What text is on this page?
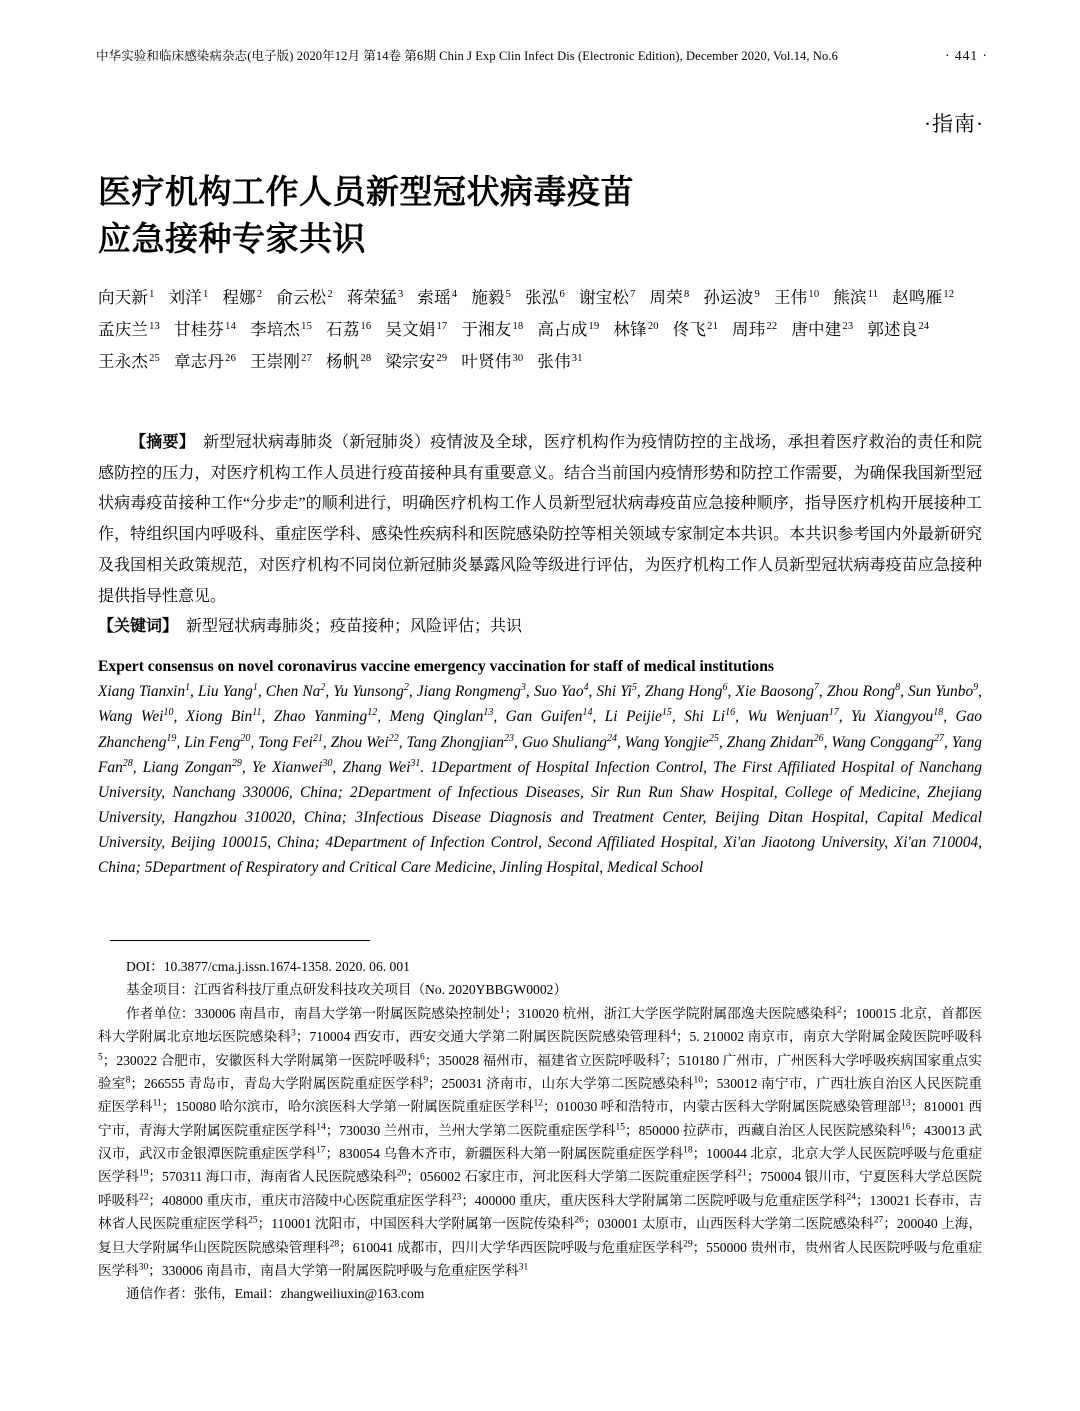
中华实验和临床感染病杂志(电子版) 2020年12月 第14卷 第6期 Chin J Exp Clin Infect Dis (Electronic Edition), December 2020, Vol.14, No.6	· 441 ·
·指南·
医疗机构工作人员新型冠状病毒疫苗
应急接种专家共识
向天新$^1$ 刘洋$^1$ 程娜$^2$ 俞云松$^2$ 蒋荣猛$^3$ 索瑶$^4$ 施毅$^5$ 张泓$^6$ 谢宝松$^7$ 周荣$^8$ 孙运波$^9$ 王伟$^{10}$ 熊滨$^{11}$ 赵鸣雁$^{12}$孟庆兰$^{13}$ 甘桂芬$^{14}$ 李培杰$^{15}$ 石荔$^{16}$ 吴文娟$^{17}$ 于湘友$^{18}$ 高占成$^{19}$ 林锋$^{20}$ 佟飞$^{21}$ 周玮$^{22}$ 唐中建$^{23}$ 郭述良$^{24}$王永杰$^{25}$ 章志丹$^{26}$ 王崇刚$^{27}$ 杨帆$^{28}$ 梁宗安$^{29}$ 叶贤伟$^{30}$ 张伟$^{31}$

【摘要】　新型冠状病毒肺炎（新冠肺炎）疫情波及全球，医疗机构作为疫情防控的主战场，承担着医疗救治的责任和院感防控的压力，对医疗机构工作人员进行疫苗接种具有重要意义。结合当前国内疫情形势和防控工作需要，为确保我国新型冠状病毒疫苗接种工作“分步走”的顺利进行，明确医疗机构工作人员新型冠状病毒疫苗应急接种顺序，指导医疗机构开展接种工作，特组织国内呼吸科、重症医学科、感染性疾病科和医院感染防控等相关领域专家制定本共识。本共识参考国内外最新研究及我国相关政策规范，对医疗机构不同岗位新冠肺炎暴露风险等级进行评估，为医疗机构工作人员新型冠状病毒疫苗应急接种提供指导性意见。

【关键词】　新型冠状病毒肺炎；疫苗接种；风险评估；共识

Expert consensus on novel coronavirus vaccine emergency vaccination for staff of medical institutions
Xiang Tianxin$^1$, Liu Yang$^1$, Chen Na$^2$, Yu Yunsong$^2$, Jiang Rongmeng$^3$, Suo Yao$^4$, Shi Yi$^5$, Zhang Hong$^6$, Xie Baosong$^7$, Zhou Rong$^8$, Sun Yunbo$^9$, Wang Wei$^{10}$, Xiong Bin$^{11}$, Zhao Yanming$^{12}$, Meng Qinglan$^{13}$, Gan Guifen$^{14}$, Li Peijie$^{15}$, Shi Li$^{16}$, Wu Wenjuan$^{17}$, Yu Xiangyou$^{18}$, Gao Zhancheng$^{19}$, Lin Feng$^{20}$, Tong Fei$^{21}$, Zhou Wei$^{22}$, Tang Zhongjian$^{23}$, Guo Shuliang$^{24}$, Wang Yongjie$^{25}$, Zhang Zhidan$^{26}$, Wang Conggang$^{27}$, Yang Fan$^{28}$, Liang Zongan$^{29}$, Ye Xianwei$^{30}$, Zhang Wei$^{31}$. 1Department of Hospital Infection Control, The First Affiliated Hospital of Nanchang University, Nanchang 330006, China; 2Department of Infectious Diseases, Sir Run Run Shaw Hospital, College of Medicine, Zhejiang University, Hangzhou 310020, China; 3Infectious Disease Diagnosis and Treatment Center, Beijing Ditan Hospital, Capital Medical University, Beijing 100015, China; 4Department of Infection Control, Second Affiliated Hospital, Xi'an Jiaotong University, Xi'an 710004, China; 5Department of Respiratory and Critical Care Medicine, Jinling Hospital, Medical School

DOI：10.3877/cma.j.issn.1674-1358. 2020. 06. 001

基金项目：江西省科技厅重点研发科技攻关项目（No. 2020YBBGW0002）

作者单位：330006 南昌市，南昌大学第一附属医院感染控制处$^1$；310020 杭州，浙江大学医学院附属邵逸夫医院感染科$^2$；100015 北京，首都医科大学附属北京地坛医院感染科$^3$；710004 西安市，西安交通大学第二附属医院医院感染管理科$^4$；5. 210002 南京市，南京大学附属金陵医院呼吸科$^5$；230022 合肥市，安徽医科大学附属第一医院呼吸科$^6$；350028 福州市，福建省立医院呼吸科$^7$；510180 广州市，广州医科大学呼吸疾病国家重点实验室$^8$；266555 青岛市，青岛大学附属医院重症医学科$^9$；250031 济南市，山东大学第二医院感染科$^{10}$；530012 南宁市，广西壮族自治区人民医院重症医学科$^{11}$；150080 哈尔滨市，哈尔滨医科大学第一附属医院重症医学科$^{12}$；010030 呼和浩特市，内蒙古医科大学附属医院感染管理部$^{13}$；810001 西宁市，青海大学附属医院重症医学科$^{14}$；730030 兰州市，兰州大学第二医院重症医学科$^{15}$；850000 拉萨市，西藏自治区人民医院感染科$^{16}$；430013 武汉市，武汉市金银潭医院重症医学科$^{17}$；830054 乌鲁木齐市，新疆医科大第一附属医院重症医学科$^{18}$；100044 北京，北京大学人民医院呼吸与危重症医学科$^{19}$；570311 海口市，海南省人民医院感染科$^{20}$；056002 石家庄市，河北医科大学第二医院重症医学科$^{21}$；750004 银川市，宁夏医科大学总医院呼吸科$^{22}$；408000 重庆市，重庆市涪陵中心医院重症医学科$^{23}$；400000 重庆，重庆医科大学附属第二医院呼吸与危重症医学科$^{24}$；130021 长春市，吉林省人民医院重症医学科$^{25}$；110001 沈阳市，中国医科大学附属第一医院传染科$^{26}$；030001 太原市，山西医科大学第二医院感染科$^{27}$；200040 上海，复旦大学附属华山医院医院感染管理科$^{28}$；610041 成都市，四川大学华西医院呼吸与危重症医学科$^{29}$；550000 贵州市，贵州省人民医院呼吸与危重症医学科$^{30}$；330006 南昌市，南昌大学第一附属医院呼吸与危重症医学科$^{31}$

通信作者：张伟，Email：zhangweiliuxin@163.com
